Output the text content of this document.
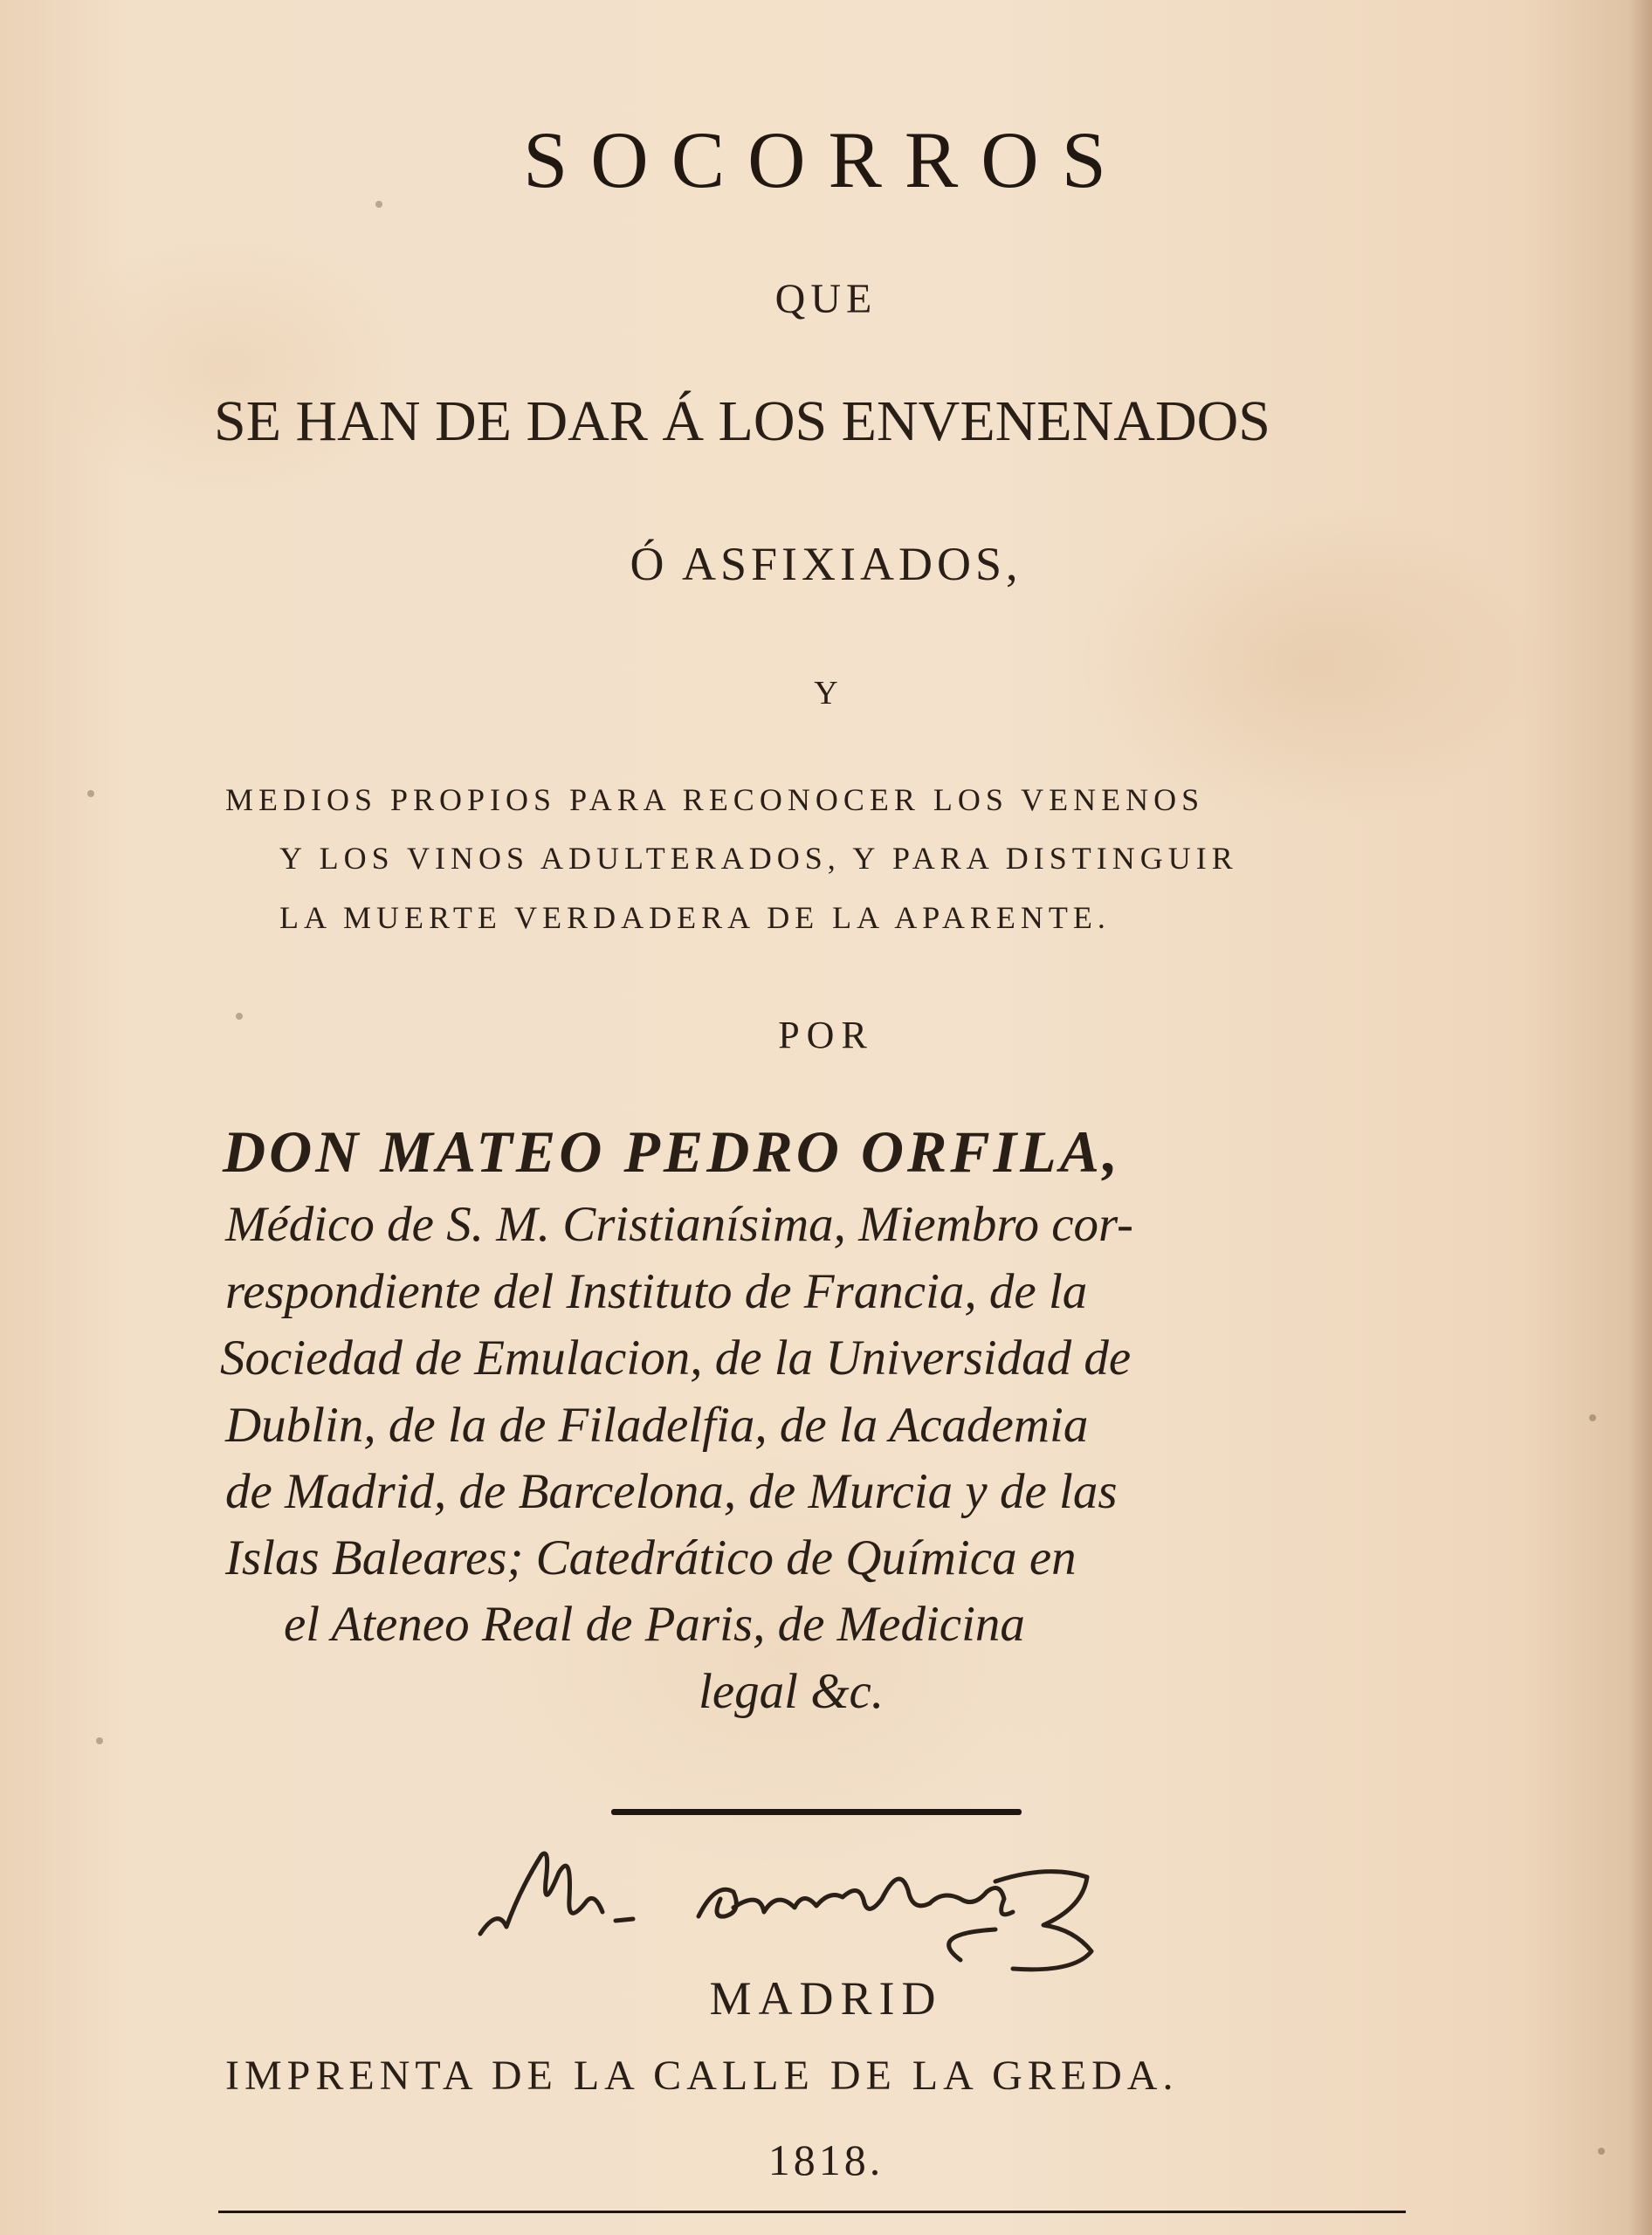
SOCORROS
QUE
SE HAN DE DAR Á LOS ENVENENADOS
Ó ASFIXIADOS,
Y
MEDIOS PROPIOS PARA RECONOCER LOS VENENOS
Y LOS VINOS ADULTERADOS, Y PARA DISTINGUIR
LA MUERTE VERDADERA DE LA APARENTE.
POR
DON MATEO PEDRO ORFILA,
Médico de S. M. Cristianísima, Miembro cor-
respondiente del Instituto de Francia, de la
Sociedad de Emulacion, de la Universidad de
Dublin, de la de Filadelfia, de la Academia
de Madrid, de Barcelona, de Murcia y de las
Islas Baleares; Catedrático de Química en
el Ateneo Real de Paris, de Medicina
legal &c.
MADRID
IMPRENTA DE LA CALLE DE LA GREDA.
1818.
